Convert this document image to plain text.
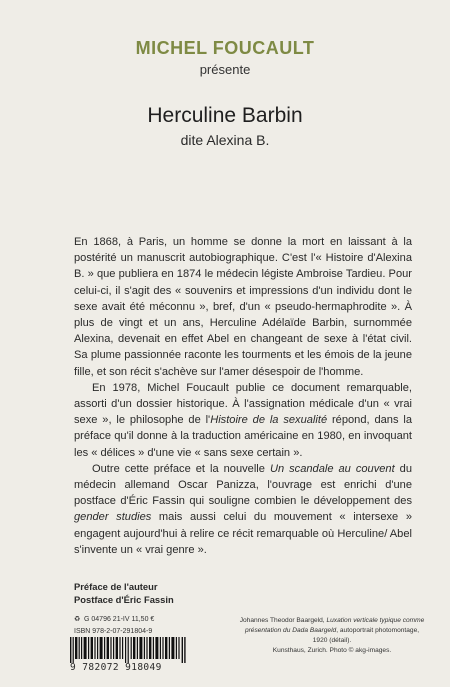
MICHEL FOUCAULT
présente
Herculine Barbin
dite Alexina B.

En 1868, à Paris, un homme se donne la mort en laissant à la postérité un manuscrit autobiographique. C'est l'« Histoire d'Alexina B. » que publiera en 1874 le médecin légiste Ambroise Tardieu. Pour celui-ci, il s'agit des « souvenirs et impressions d'un individu dont le sexe avait été méconnu », bref, d'un « pseudo-hermaphrodite ». À plus de vingt et un ans, Herculine Adélaïde Barbin, surnommée Alexina, devenait en effet Abel en changeant de sexe à l'état civil. Sa plume passionnée raconte les tourments et les émois de la jeune fille, et son récit s'achève sur l'amer désespoir de l'homme.

En 1978, Michel Foucault publie ce document remarquable, assorti d'un dossier historique. À l'assignation médicale d'un « vrai sexe », le philosophe de l'Histoire de la sexualité répond, dans la préface qu'il donne à la traduction américaine en 1980, en invoquant les « délices » d'une vie « sans sexe certain ».

Outre cette préface et la nouvelle Un scandale au couvent du médecin allemand Oscar Panizza, l'ouvrage est enrichi d'une postface d'Éric Fassin qui souligne combien le développement des gender studies mais aussi celui du mouvement « intersexe » engagent aujourd'hui à relire ce récit remarquable où Herculine/ Abel s'invente un « vrai genre ».

Préface de l'auteur
Postface d'Éric Fassin
♻ G 04796 21-IV 11,50 €
ISBN 978-2-07-291804-9
9 782072 918049
Johannes Theodor Baargeld, Luxation verticale typique comme présentation du Dada Baargeld, autoportrait photomontage, 1920 (détail).
Kunsthaus, Zurich. Photo © akg-images.
